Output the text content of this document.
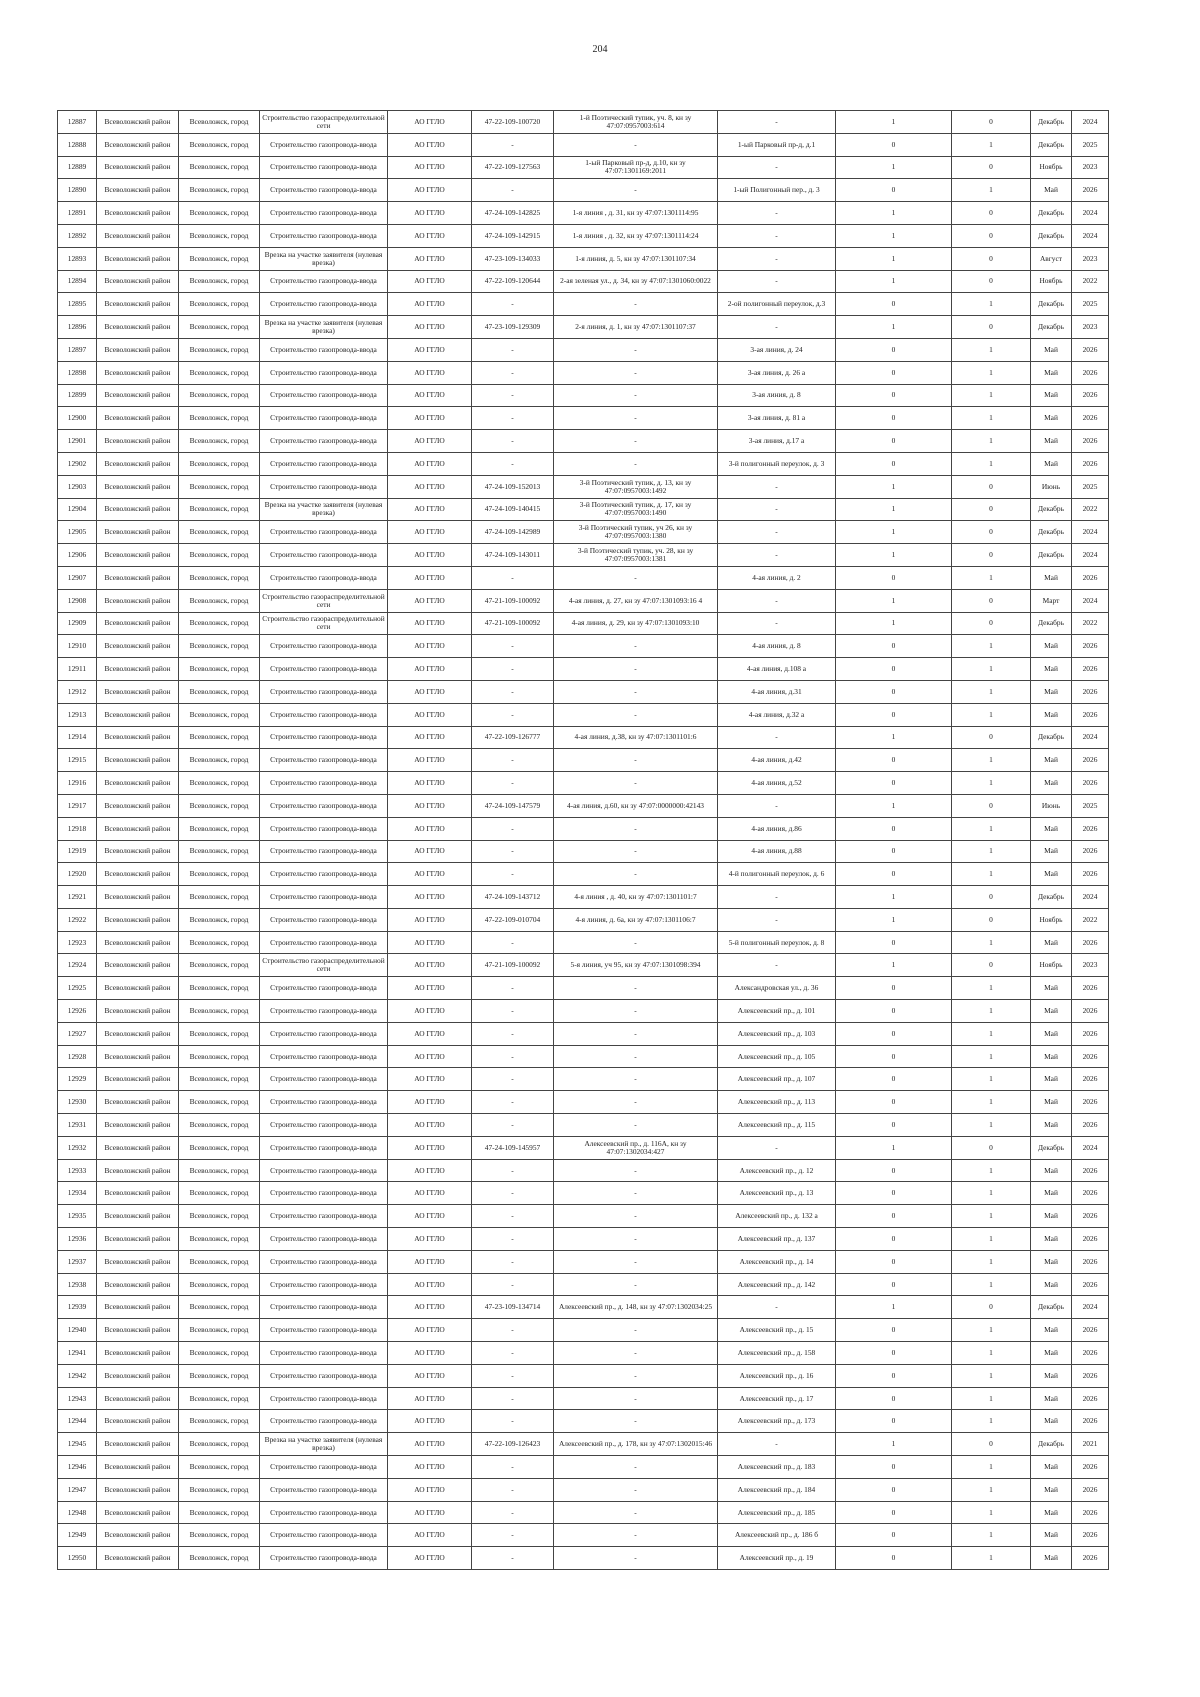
204
12887	Всеволожский район	Всеволожск, город	Строительство газораспределительной сети	АО ГГЛО	47-22-109-100720	1-й Поэтический тупик, уч. 8, кн зу 47:07:0957003:614	-	1	0	Декабрь	2024
12888	Всеволожский район	Всеволожск, город	Строительство газопровода-ввода	АО ГГЛО	-	-	1-ый Парковый пр-д, д.1	0	1	Декабрь	2025
12889	Всеволожский район	Всеволожск, город	Строительство газопровода-ввода	АО ГГЛО	47-22-109-127563	1-ый Парковый пр-д, д.10, кн зу 47:07:1301169:2011	-	1	0	Ноябрь	2023
12890	Всеволожский район	Всеволожск, город	Строительство газопровода-ввода	АО ГГЛО	-	-	1-ый Полигонный пер., д. 3	0	1	Май	2026
12891	Всеволожский район	Всеволожск, город	Строительство газопровода-ввода	АО ГГЛО	47-24-109-142825	1-я линия , д. 31, кн зу 47:07:1301114:95	-	1	0	Декабрь	2024
12892	Всеволожский район	Всеволожск, город	Строительство газопровода-ввода	АО ГГЛО	47-24-109-142915	1-я линия , д. 32, кн зу 47:07:1301114:24	-	1	0	Декабрь	2024
12893	Всеволожский район	Всеволожск, город	Врезка на участке заявителя (нулевая врезка)	АО ГГЛО	47-23-109-134033	1-я линия, д. 5, кн зу 47:07:1301107:34	-	1	0	Август	2023
12894	Всеволожский район	Всеволожск, город	Строительство газопровода-ввода	АО ГГЛО	47-22-109-120644	2-ая зеленая ул., д. 34, кн зу 47:07:1301060:0022	-	1	0	Ноябрь	2022
12895	Всеволожский район	Всеволожск, город	Строительство газопровода-ввода	АО ГГЛО	-	-	2-ой полигонный переулок, д.3	0	1	Декабрь	2025
12896	Всеволожский район	Всеволожск, город	Врезка на участке заявителя (нулевая врезка)	АО ГГЛО	47-23-109-129309	2-я линия, д. 1, кн зу 47:07:1301107:37	-	1	0	Декабрь	2023
12897	Всеволожский район	Всеволожск, город	Строительство газопровода-ввода	АО ГГЛО	-	-	3-ая линия, д. 24	0	1	Май	2026
12898	Всеволожский район	Всеволожск, город	Строительство газопровода-ввода	АО ГГЛО	-	-	3-ая линия, д. 26 а	0	1	Май	2026
12899	Всеволожский район	Всеволожск, город	Строительство газопровода-ввода	АО ГГЛО	-	-	3-ая линия, д. 8	0	1	Май	2026
12900	Всеволожский район	Всеволожск, город	Строительство газопровода-ввода	АО ГГЛО	-	-	3-ая линия, д. 81 а	0	1	Май	2026
12901	Всеволожский район	Всеволожск, город	Строительство газопровода-ввода	АО ГГЛО	-	-	3-ая линия, д.17 а	0	1	Май	2026
12902	Всеволожский район	Всеволожск, город	Строительство газопровода-ввода	АО ГГЛО	-	-	3-й полигонный переулок, д. 3	0	1	Май	2026
12903	Всеволожский район	Всеволожск, город	Строительство газопровода-ввода	АО ГГЛО	47-24-109-152013	3-й Поэтический тупик, д. 13, кн зу 47:07:0957003:1492	-	1	0	Июнь	2025
12904	Всеволожский район	Всеволожск, город	Врезка на участке заявителя (нулевая врезка)	АО ГГЛО	47-24-109-140415	3-й Поэтический тупик, д. 17, кн зу 47:07:0957003:1490	-	1	0	Декабрь	2022
12905	Всеволожский район	Всеволожск, город	Строительство газопровода-ввода	АО ГГЛО	47-24-109-142989	3-й Поэтический тупик, уч 26, кн зу 47:07:0957003:1380	-	1	0	Декабрь	2024
12906	Всеволожский район	Всеволожск, город	Строительство газопровода-ввода	АО ГГЛО	47-24-109-143011	3-й Поэтический тупик, уч. 28, кн зу 47:07:0957003:1381	-	1	0	Декабрь	2024
12907	Всеволожский район	Всеволожск, город	Строительство газопровода-ввода	АО ГГЛО	-	-	4-ая линия, д. 2	0	1	Май	2026
12908	Всеволожский район	Всеволожск, город	Строительство газораспределительной сети	АО ГГЛО	47-21-109-100092	4-ая линия, д. 27, кн зу 47:07:1301093:16 4	-	1	0	Март	2024
12909	Всеволожский район	Всеволожск, город	Строительство газораспределительной сети	АО ГГЛО	47-21-109-100092	4-ая линия, д. 29, кн зу 47:07:1301093:10	-	1	0	Декабрь	2022
12910	Всеволожский район	Всеволожск, город	Строительство газопровода-ввода	АО ГГЛО	-	-	4-ая линия, д. 8	0	1	Май	2026
12911	Всеволожский район	Всеволожск, город	Строительство газопровода-ввода	АО ГГЛО	-	-	4-ая линия, д.108 а	0	1	Май	2026
12912	Всеволожский район	Всеволожск, город	Строительство газопровода-ввода	АО ГГЛО	-	-	4-ая линия, д.31	0	1	Май	2026
12913	Всеволожский район	Всеволожск, город	Строительство газопровода-ввода	АО ГГЛО	-	-	4-ая линия, д.32 а	0	1	Май	2026
12914	Всеволожский район	Всеволожск, город	Строительство газопровода-ввода	АО ГГЛО	47-22-109-126777	4-ая линия, д.38, кн зу 47:07:1301101:6	-	1	0	Декабрь	2024
12915	Всеволожский район	Всеволожск, город	Строительство газопровода-ввода	АО ГГЛО	-	-	4-ая линия, д.42	0	1	Май	2026
12916	Всеволожский район	Всеволожск, город	Строительство газопровода-ввода	АО ГГЛО	-	-	4-ая линия, д.52	0	1	Май	2026
12917	Всеволожский район	Всеволожск, город	Строительство газопровода-ввода	АО ГГЛО	47-24-109-147579	4-ая линия, д.60, кн зу 47:07:0000000:42143	-	1	0	Июнь	2025
12918	Всеволожский район	Всеволожск, город	Строительство газопровода-ввода	АО ГГЛО	-	-	4-ая линия, д.86	0	1	Май	2026
12919	Всеволожский район	Всеволожск, город	Строительство газопровода-ввода	АО ГГЛО	-	-	4-ая линия, д.88	0	1	Май	2026
12920	Всеволожский район	Всеволожск, город	Строительство газопровода-ввода	АО ГГЛО	-	-	4-й полигонный переулок, д. 6	0	1	Май	2026
12921	Всеволожский район	Всеволожск, город	Строительство газопровода-ввода	АО ГГЛО	47-24-109-143712	4-я линия , д. 40, кн зу 47:07:1301101:7	-	1	0	Декабрь	2024
12922	Всеволожский район	Всеволожск, город	Строительство газопровода-ввода	АО ГГЛО	47-22-109-010704	4-я линия, д. 6а, кн зу 47:07:1301106:7	-	1	0	Ноябрь	2022
12923	Всеволожский район	Всеволожск, город	Строительство газопровода-ввода	АО ГГЛО	-	-	5-й полигонный переулок, д. 8	0	1	Май	2026
12924	Всеволожский район	Всеволожск, город	Строительство газораспределительной сети	АО ГГЛО	47-21-109-100092	5-я линия, уч 95, кн зу 47:07:1301098:394	-	1	0	Ноябрь	2023
12925	Всеволожский район	Всеволожск, город	Строительство газопровода-ввода	АО ГГЛО	-	-	Александровская ул., д. 36	0	1	Май	2026
12926	Всеволожский район	Всеволожск, город	Строительство газопровода-ввода	АО ГГЛО	-	-	Алексеевский пр., д. 101	0	1	Май	2026
12927	Всеволожский район	Всеволожск, город	Строительство газопровода-ввода	АО ГГЛО	-	-	Алексеевский пр., д. 103	0	1	Май	2026
12928	Всеволожский район	Всеволожск, город	Строительство газопровода-ввода	АО ГГЛО	-	-	Алексеевский пр., д. 105	0	1	Май	2026
12929	Всеволожский район	Всеволожск, город	Строительство газопровода-ввода	АО ГГЛО	-	-	Алексеевский пр., д. 107	0	1	Май	2026
12930	Всеволожский район	Всеволожск, город	Строительство газопровода-ввода	АО ГГЛО	-	-	Алексеевский пр., д. 113	0	1	Май	2026
12931	Всеволожский район	Всеволожск, город	Строительство газопровода-ввода	АО ГГЛО	-	-	Алексеевский пр., д. 115	0	1	Май	2026
12932	Всеволожский район	Всеволожск, город	Строительство газопровода-ввода	АО ГГЛО	47-24-109-145957	Алексеевский пр., д. 116А, кн зу 47:07:1302034:427	-	1	0	Декабрь	2024
12933	Всеволожский район	Всеволожск, город	Строительство газопровода-ввода	АО ГГЛО	-	-	Алексеевский пр., д. 12	0	1	Май	2026
12934	Всеволожский район	Всеволожск, город	Строительство газопровода-ввода	АО ГГЛО	-	-	Алексеевский пр., д. 13	0	1	Май	2026
12935	Всеволожский район	Всеволожск, город	Строительство газопровода-ввода	АО ГГЛО	-	-	Алексеевский пр., д. 132 а	0	1	Май	2026
12936	Всеволожский район	Всеволожск, город	Строительство газопровода-ввода	АО ГГЛО	-	-	Алексеевский пр., д. 137	0	1	Май	2026
12937	Всеволожский район	Всеволожск, город	Строительство газопровода-ввода	АО ГГЛО	-	-	Алексеевский пр., д. 14	0	1	Май	2026
12938	Всеволожский район	Всеволожск, город	Строительство газопровода-ввода	АО ГГЛО	-	-	Алексеевский пр., д. 142	0	1	Май	2026
12939	Всеволожский район	Всеволожск, город	Строительство газопровода-ввода	АО ГГЛО	47-23-109-134714	Алексеевский пр., д. 148, кн зу 47:07:1302034:25	-	1	0	Декабрь	2024
12940	Всеволожский район	Всеволожск, город	Строительство газопровода-ввода	АО ГГЛО	-	-	Алексеевский пр., д. 15	0	1	Май	2026
12941	Всеволожский район	Всеволожск, город	Строительство газопровода-ввода	АО ГГЛО	-	-	Алексеевский пр., д. 158	0	1	Май	2026
12942	Всеволожский район	Всеволожск, город	Строительство газопровода-ввода	АО ГГЛО	-	-	Алексеевский пр., д. 16	0	1	Май	2026
12943	Всеволожский район	Всеволожск, город	Строительство газопровода-ввода	АО ГГЛО	-	-	Алексеевский пр., д. 17	0	1	Май	2026
12944	Всеволожский район	Всеволожск, город	Строительство газопровода-ввода	АО ГГЛО	-	-	Алексеевский пр., д. 173	0	1	Май	2026
12945	Всеволожский район	Всеволожск, город	Врезка на участке заявителя (нулевая врезка)	АО ГГЛО	47-22-109-126423	Алексеевский пр., д. 178, кн зу 47:07:1302015:46	-	1	0	Декабрь	2021
12946	Всеволожский район	Всеволожск, город	Строительство газопровода-ввода	АО ГГЛО	-	-	Алексеевский пр., д. 183	0	1	Май	2026
12947	Всеволожский район	Всеволожск, город	Строительство газопровода-ввода	АО ГГЛО	-	-	Алексеевский пр., д. 184	0	1	Май	2026
12948	Всеволожский район	Всеволожск, город	Строительство газопровода-ввода	АО ГГЛО	-	-	Алексеевский пр., д. 185	0	1	Май	2026
12949	Всеволожский район	Всеволожск, город	Строительство газопровода-ввода	АО ГГЛО	-	-	Алексеевский пр., д. 186 б	0	1	Май	2026
12950	Всеволожский район	Всеволожск, город	Строительство газопровода-ввода	АО ГГЛО	-	-	Алексеевский пр., д. 19	0	1	Май	2026
